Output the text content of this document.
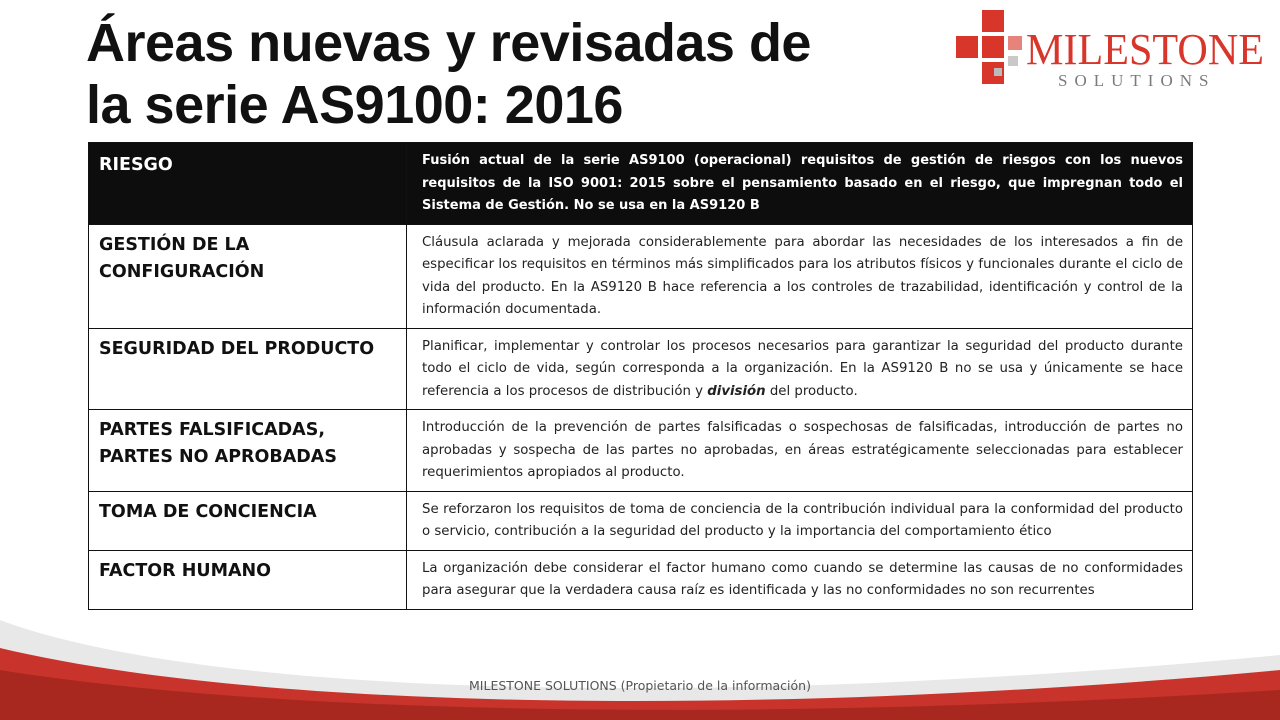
Áreas nuevas y revisadas de
la serie AS9100: 2016
MILESTONE
SOLUTIONS
RIESGO	Fusión actual de la serie AS9100 (operacional) requisitos de gestión de riesgos con los nuevos requisitos de la ISO 9001: 2015 sobre el pensamiento basado en el riesgo, que impregnan todo el Sistema de Gestión. No se usa en la AS9120 B

GESTIÓN DE LA CONFIGURACIÓN	Cláusula aclarada y mejorada considerablemente para abordar las necesidades de los interesados a fin de especificar los requisitos en términos más simplificados para los atributos físicos y funcionales durante el ciclo de vida del producto. En la AS9120 B hace referencia a los controles de trazabilidad, identificación y control de la información documentada.

SEGURIDAD DEL PRODUCTO	Planificar, implementar y controlar los procesos necesarios para garantizar la seguridad del producto durante todo el ciclo de vida, según corresponda a la organización. En la AS9120 B no se usa y únicamente se hace referencia a los procesos de distribución y división del producto.

PARTES FALSIFICADAS, PARTES NO APROBADAS	Introducción de la prevención de partes falsificadas o sospechosas de falsificadas, introducción de partes no aprobadas y sospecha de las partes no aprobadas, en áreas estratégicamente seleccionadas para establecer requerimientos apropiados al producto.

TOMA DE CONCIENCIA	Se reforzaron los requisitos de toma de conciencia de la contribución individual para la conformidad del producto o servicio, contribución a la seguridad del producto y la importancia del comportamiento ético

FACTOR HUMANO	La organización debe considerar el factor humano como cuando se determine las causas de no conformidades para asegurar que la verdadera causa raíz es identificada y las no conformidades no son recurrentes
MILESTONE SOLUTIONS (Propietario de la información)
